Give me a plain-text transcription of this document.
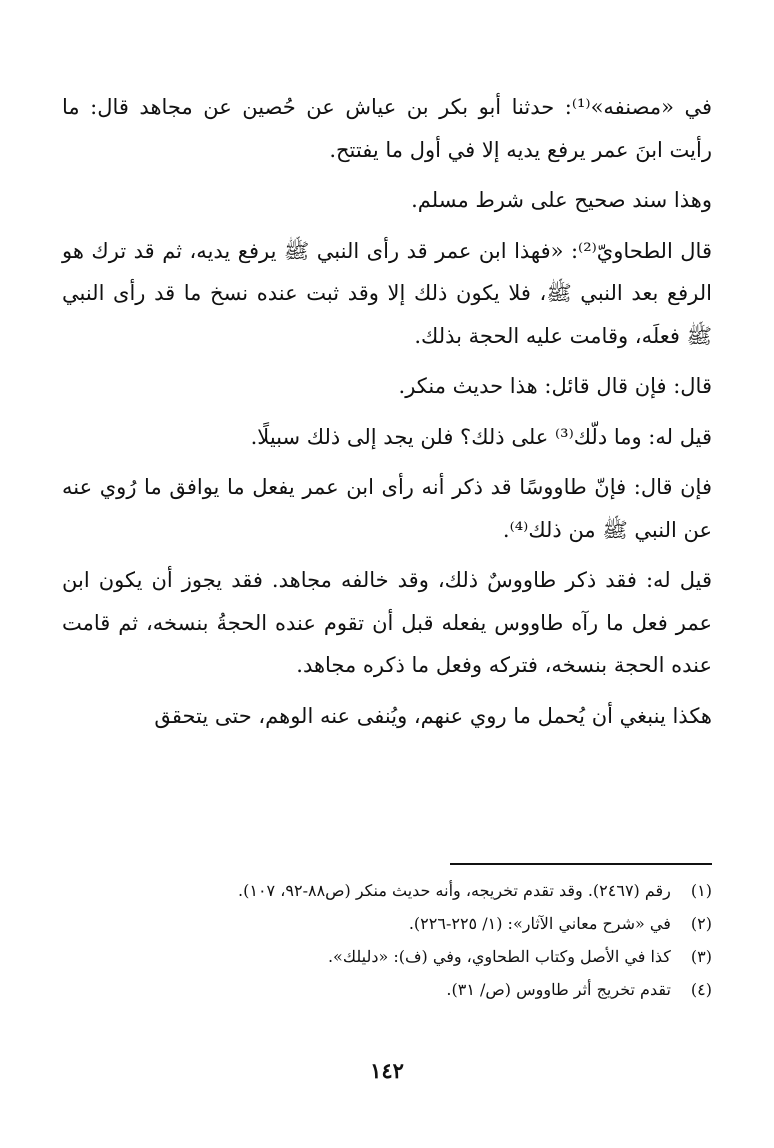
في «مصنفه»⁽¹⁾: حدثنا أبو بكر بن عياش عن حُصين عن مجاهد قال: ما رأيت ابنَ عمر يرفع يديه إلا في أول ما يفتتح.

وهذا سند صحيح على شرط مسلم.

قال الطحاويّ⁽²⁾: «فهذا ابن عمر قد رأى النبي ﷺ يرفع يديه، ثم قد ترك هو الرفع بعد النبي ﷺ، فلا يكون ذلك إلا وقد ثبت عنده نسخ ما قد رأى النبي ﷺ فعلَه، وقامت عليه الحجة بذلك.

قال: فإن قال قائل: هذا حديث منكر.

قيل له: وما دلّك⁽³⁾ على ذلك؟ فلن يجد إلى ذلك سبيلًا.

فإن قال: فإنّ طاووسًا قد ذكر أنه رأى ابن عمر يفعل ما يوافق ما رُوي عنه عن النبي ﷺ من ذلك⁽⁴⁾.

قيل له: فقد ذكر طاووسٌ ذلك، وقد خالفه مجاهد. فقد يجوز أن يكون ابن عمر فعل ما رآه طاووس يفعله قبل أن تقوم عنده الحجةُ بنسخه، ثم قامت عنده الحجة بنسخه، فتركه وفعل ما ذكره مجاهد.

هكذا ينبغي أن يُحمل ما روي عنهم، ويُنفى عنه الوهم، حتى يتحقق

(١) رقم (٢٤٦٧). وقد تقدم تخريجه، وأنه حديث منكر (ص٨٨-٩٢، ١٠٧).

(٢) في «شرح معاني الآثار»: (١/ ٢٢٥-٢٢٦).

(٣) كذا في الأصل وكتاب الطحاوي، وفي (ف): «دليلك».

(٤) تقدم تخريج أثر طاووس (ص/ ٣١).

١٤٢
